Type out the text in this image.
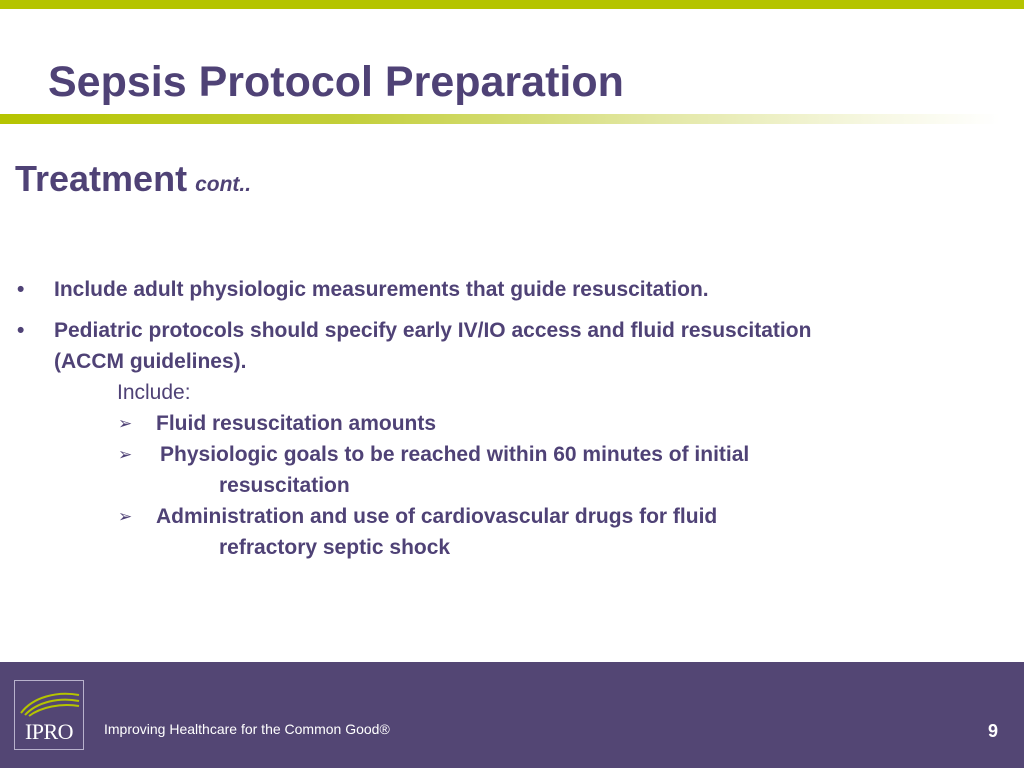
Sepsis Protocol Preparation
Treatment cont..
• Include adult physiologic measurements that guide resuscitation.
• Pediatric protocols should specify early IV/IO access and fluid resuscitation
(ACCM guidelines).
Include:
➢ Fluid resuscitation amounts
➢ Physiologic goals to be reached within 60 minutes of initial
resuscitation
➢ Administration and use of cardiovascular drugs for fluid
refractory septic shock
IPRO	Improving Healthcare for the Common Good®	9
